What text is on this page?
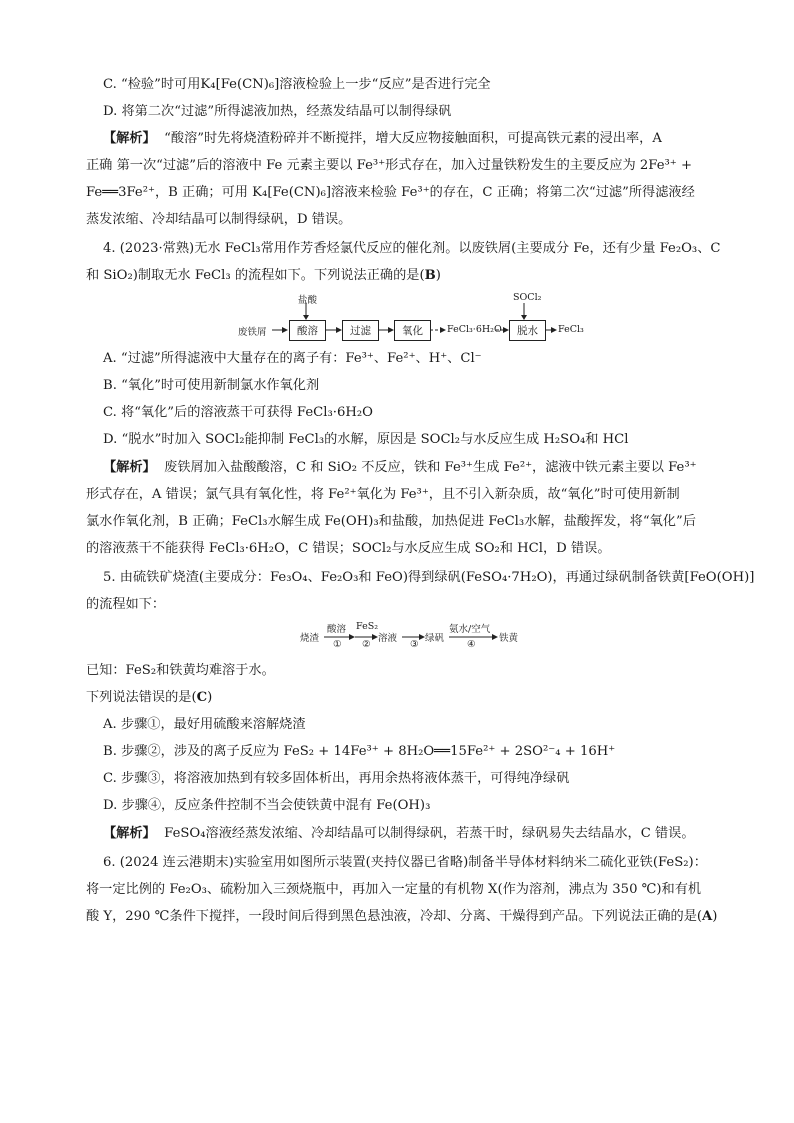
C. “检验”时可用K₄[Fe(CN)₆]溶液检验上一步“反应”是否进行完全
D. 将第二次“过滤”所得滤液加热，经蒸发结晶可以制得绿矾
【解析】 “酸溶”时先将烧渣粉碎并不断搅拌，增大反应物接触面积，可提高铁元素的浸出率，A
正确 第一次“过滤”后的溶液中 Fe 元素主要以 Fe³⁺形式存在，加入过量铁粉发生的主要反应为 2Fe³⁺ +
Fe══3Fe²⁺，B 正确；可用 K₄[Fe(CN)₆]溶液来检验 Fe³⁺的存在，C 正确；将第二次“过滤”所得滤液经
蒸发浓缩、冷却结晶可以制得绿矾，D 错误。
4. (2023·常熟)无水 FeCl₃常用作芳香烃氯代反应的催化剂。以废铁屑(主要成分 Fe，还有少量 Fe₂O₃、C
和 SiO₂)制取无水 FeCl₃ 的流程如下。下列说法正确的是(B)
盐酸	SOCl₂
废铁屑	酸溶	过滤	氧化	FeCl₃·6H₂O	脱水	FeCl₃
A. “过滤”所得滤液中大量存在的离子有：Fe³⁺、Fe²⁺、H⁺、Cl⁻
B. “氧化”时可使用新制氯水作氧化剂
C. 将“氧化”后的溶液蒸干可获得 FeCl₃·6H₂O
D. “脱水”时加入 SOCl₂能抑制 FeCl₃的水解，原因是 SOCl₂与水反应生成 H₂SO₄和 HCl
【解析】 废铁屑加入盐酸酸溶，C 和 SiO₂ 不反应，铁和 Fe³⁺生成 Fe²⁺，滤液中铁元素主要以 Fe³⁺
形式存在，A 错误；氯气具有氧化性，将 Fe²⁺氧化为 Fe³⁺，且不引入新杂质，故“氧化”时可使用新制
氯水作氧化剂，B 正确；FeCl₃水解生成 Fe(OH)₃和盐酸，加热促进 FeCl₃水解，盐酸挥发，将“氧化”后
的溶液蒸干不能获得 FeCl₃·6H₂O，C 错误；SOCl₂与水反应生成 SO₂和 HCl，D 错误。
5. 由硫铁矿烧渣(主要成分：Fe₃O₄、Fe₂O₃和 FeO)得到绿矾(FeSO₄·7H₂O)，再通过绿矾制备铁黄[FeO(OH)]
的流程如下：
烧渣
酸溶
①
FeS₂
②
溶液
③
绿矾
氨水/空气
④
铁黄
已知：FeS₂和铁黄均难溶于水。
下列说法错误的是(C)
A. 步骤①，最好用硫酸来溶解烧渣
B. 步骤②，涉及的离子反应为 FeS₂ + 14Fe³⁺ + 8H₂O══15Fe²⁺ + 2SO²⁻₄ + 16H⁺
C. 步骤③，将溶液加热到有较多固体析出，再用余热将液体蒸干，可得纯净绿矾
D. 步骤④，反应条件控制不当会使铁黄中混有 Fe(OH)₃
【解析】 FeSO₄溶液经蒸发浓缩、冷却结晶可以制得绿矾，若蒸干时，绿矾易失去结晶水，C 错误。
6. (2024 连云港期末)实验室用如图所示装置(夹持仪器已省略)制备半导体材料纳米二硫化亚铁(FeS₂)：
将一定比例的 Fe₂O₃、硫粉加入三颈烧瓶中，再加入一定量的有机物 X(作为溶剂，沸点为 350 ℃)和有机
酸 Y，290 ℃条件下搅拌，一段时间后得到黑色悬浊液，冷却、分离、干燥得到产品。下列说法正确的是(A)
